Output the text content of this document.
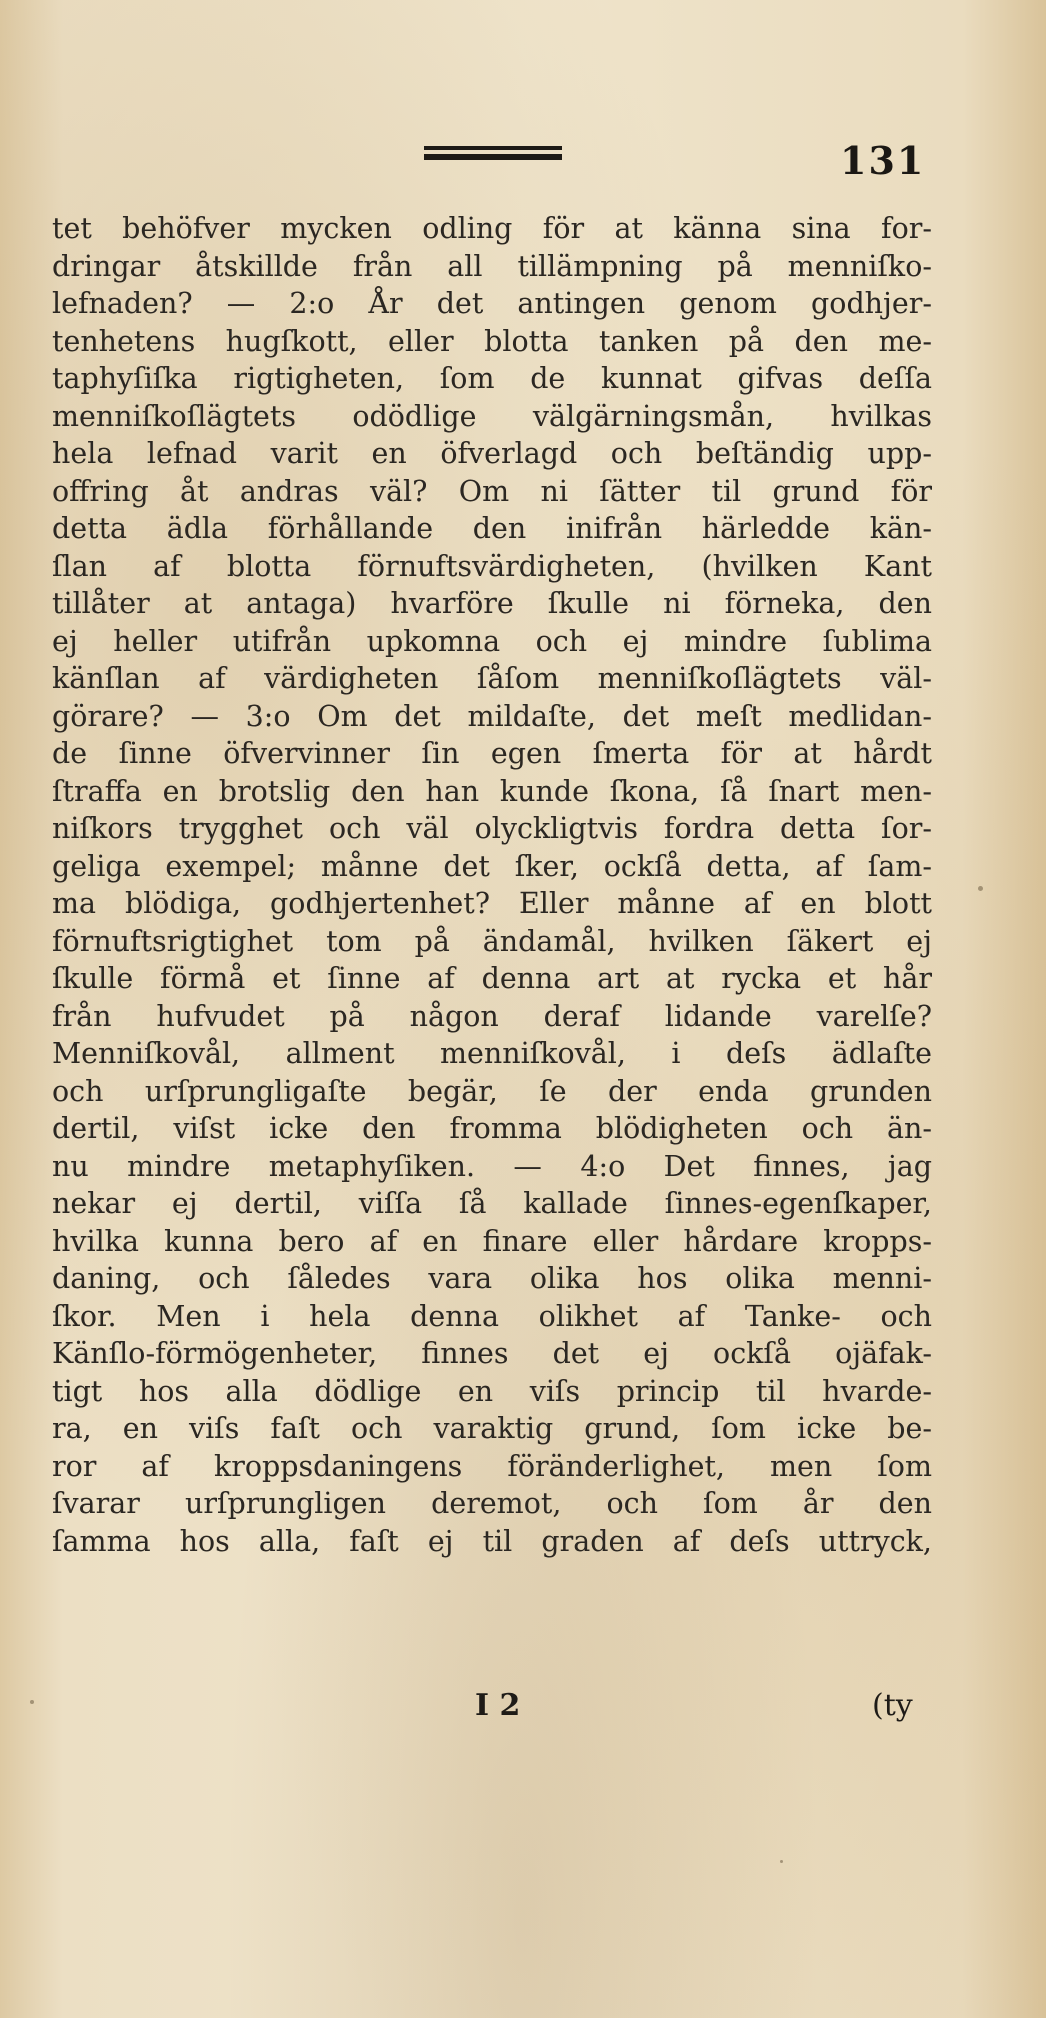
131
tet behöfver mycken odling för at känna sina for-
dringar åtskillde från all tillämpning på menniſko-
lefnaden? — 2:o År det antingen genom godhjer-
tenhetens hugſkott, eller blotta tanken på den me-
taphyſiſka rigtigheten, ſom de kunnat gifvas deſſa
menniſkoſlägtets odödlige välgärningsmån, hvilkas
hela lefnad varit en öfverlagd och beſtändig upp-
offring åt andras väl? Om ni ſätter til grund för
detta ädla förhållande den inifrån härledde kän-
ſlan af blotta förnuftsvärdigheten, (hvilken Kant
tillåter at antaga) hvarföre ſkulle ni förneka, den
ej heller utifrån upkomna och ej mindre ſublima
känſlan af värdigheten ſåſom menniſkoſlägtets väl-
görare? — 3:o Om det mildaſte, det meſt medlidan-
de ſinne öfvervinner ſin egen ſmerta för at hårdt
ſtraffa en brotslig den han kunde ſkona, ſå ſnart men-
niſkors trygghet och väl olyckligtvis fordra detta ſor-
geliga exempel; månne det ſker, ockſå detta, af ſam-
ma blödiga, godhjertenhet? Eller månne af en blott
förnuftsrigtighet tom på ändamål, hvilken ſäkert ej
ſkulle förmå et ſinne af denna art at rycka et hår
från hufvudet på någon deraf lidande varelſe?
Menniſkovål, allment menniſkovål, i deſs ädlaſte
och urſprungligaſte begär, ſe der enda grunden
dertil, viſst icke den fromma blödigheten och än-
nu mindre metaphyſiken. — 4:o Det finnes, jag
nekar ej dertil, viſſa ſå kallade ſinnes-egenſkaper,
hvilka kunna bero af en finare eller hårdare kropps-
daning, och ſåledes vara olika hos olika menni-
ſkor. Men i hela denna olikhet af Tanke- och
Känſlo-förmögenheter, finnes det ej ockſå ojäfak-
tigt hos alla dödlige en viſs princip til hvarde-
ra, en viſs faſt och varaktig grund, ſom icke be-
ror af kroppsdaningens föränderlighet, men ſom
ſvarar urſprungligen deremot, och ſom år den
ſamma hos alla, faſt ej til graden af deſs uttryck,
I 2	(ty
